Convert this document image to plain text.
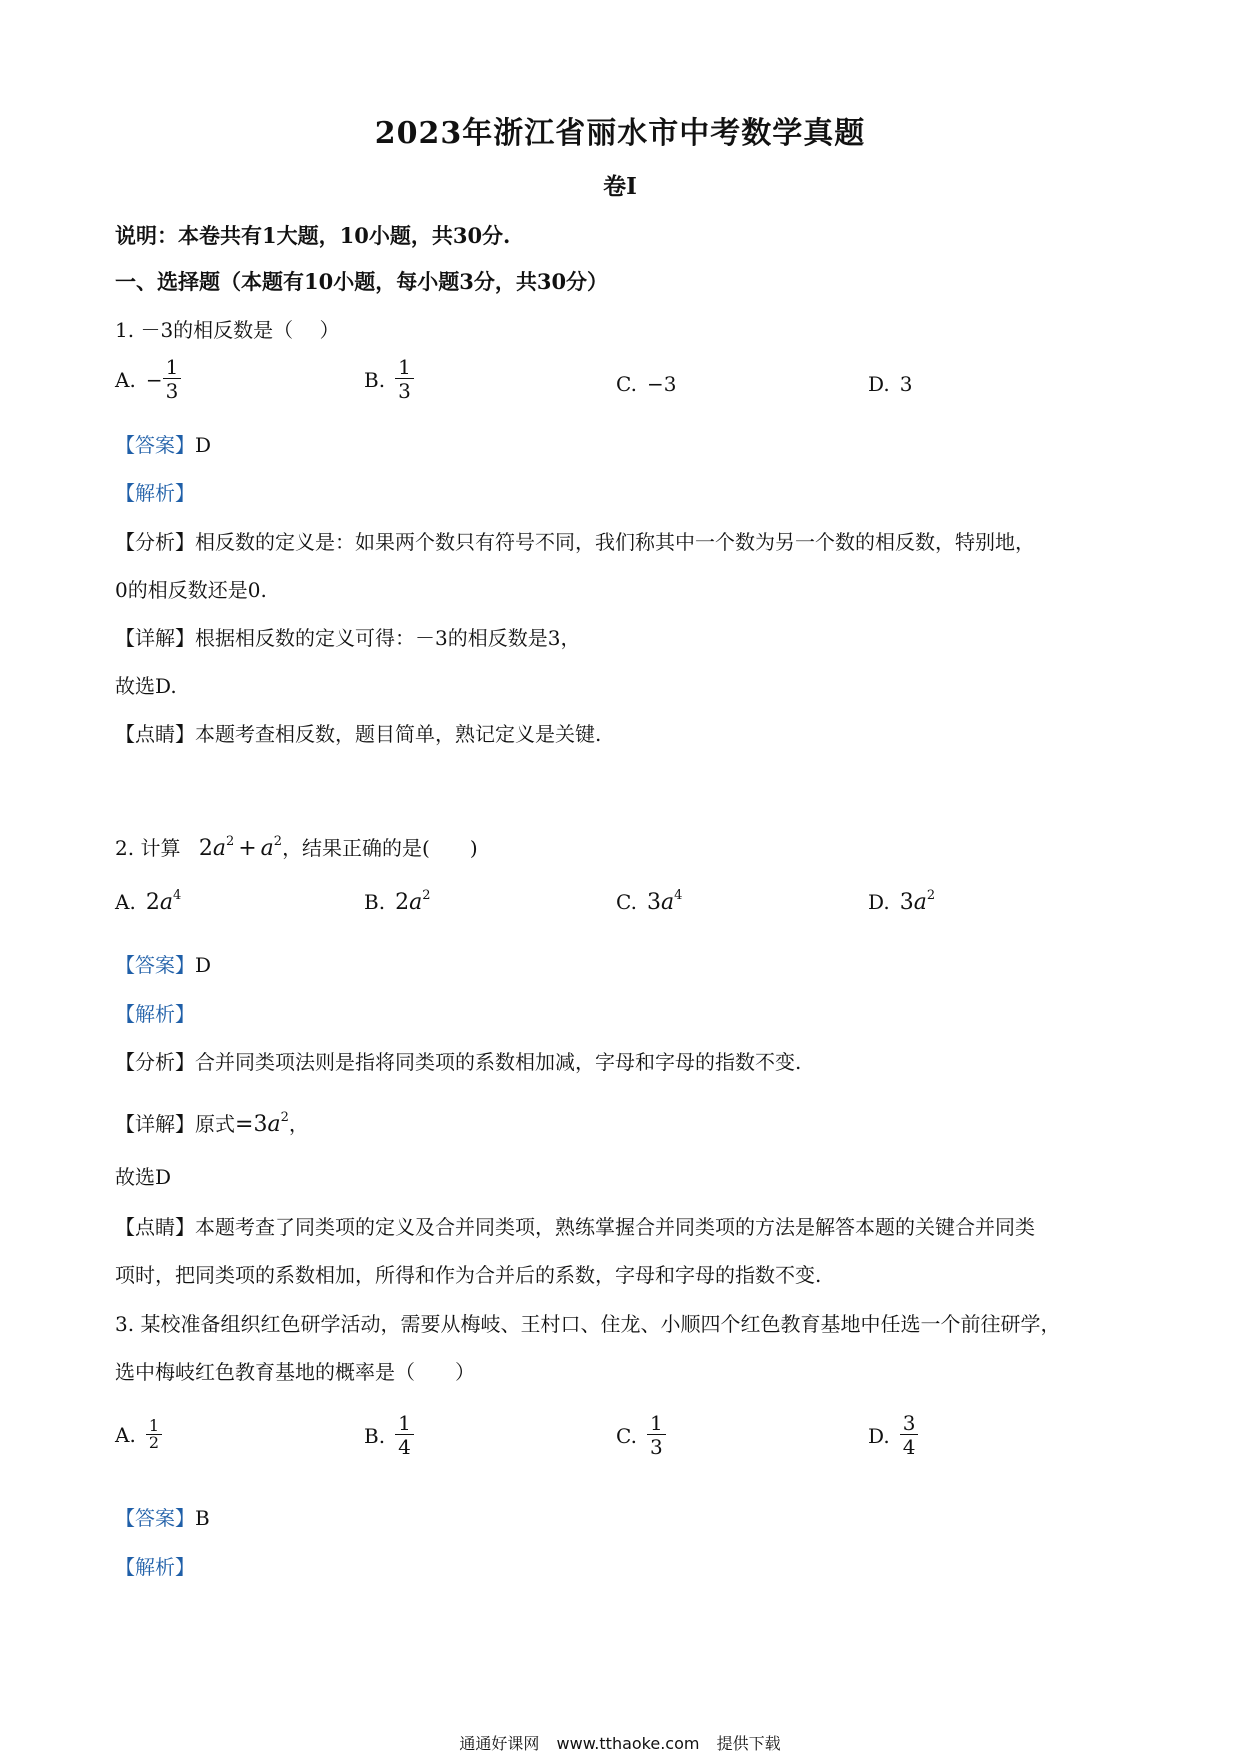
2023年浙江省丽水市中考数学真题
卷I
说明：本卷共有1大题，10小题，共30分.
一、选择题（本题有10小题，每小题3分，共30分）
1. －3的相反数是（　 ）
A. − $\frac{1}{3}$	B. $\frac{1}{3}$	C. −3	D. 3
【答案】D
【解析】
【分析】相反数的定义是：如果两个数只有符号不同，我们称其中一个数为另一个数的相反数，特别地，
0的相反数还是0.
【详解】根据相反数的定义可得：－3的相反数是3，
故选D.
【点睛】本题考查相反数，题目简单，熟记定义是关键.
2. 计算 $2a^2 + a^2$，结果正确的是(　　)
A. $2a^4$	B. $2a^2$	C. $3a^4$	D. $3a^2$
【答案】D
【解析】
【分析】合并同类项法则是指将同类项的系数相加减，字母和字母的指数不变.
【详解】原式$=3a^2$，
故选D
【点睛】本题考查了同类项的定义及合并同类项，熟练掌握合并同类项的方法是解答本题的关键合并同类
项时，把同类项的系数相加，所得和作为合并后的系数，字母和字母的指数不变.
3. 某校准备组织红色研学活动，需要从梅岐、王村口、住龙、小顺四个红色教育基地中任选一个前往研学，
选中梅岐红色教育基地的概率是（　　）
A. $\frac{1}{2}$	B. $\frac{1}{4}$	C. $\frac{1}{3}$	D. $\frac{3}{4}$
【答案】B
【解析】
通通好课网 www.tthaoke.com 提供下载
